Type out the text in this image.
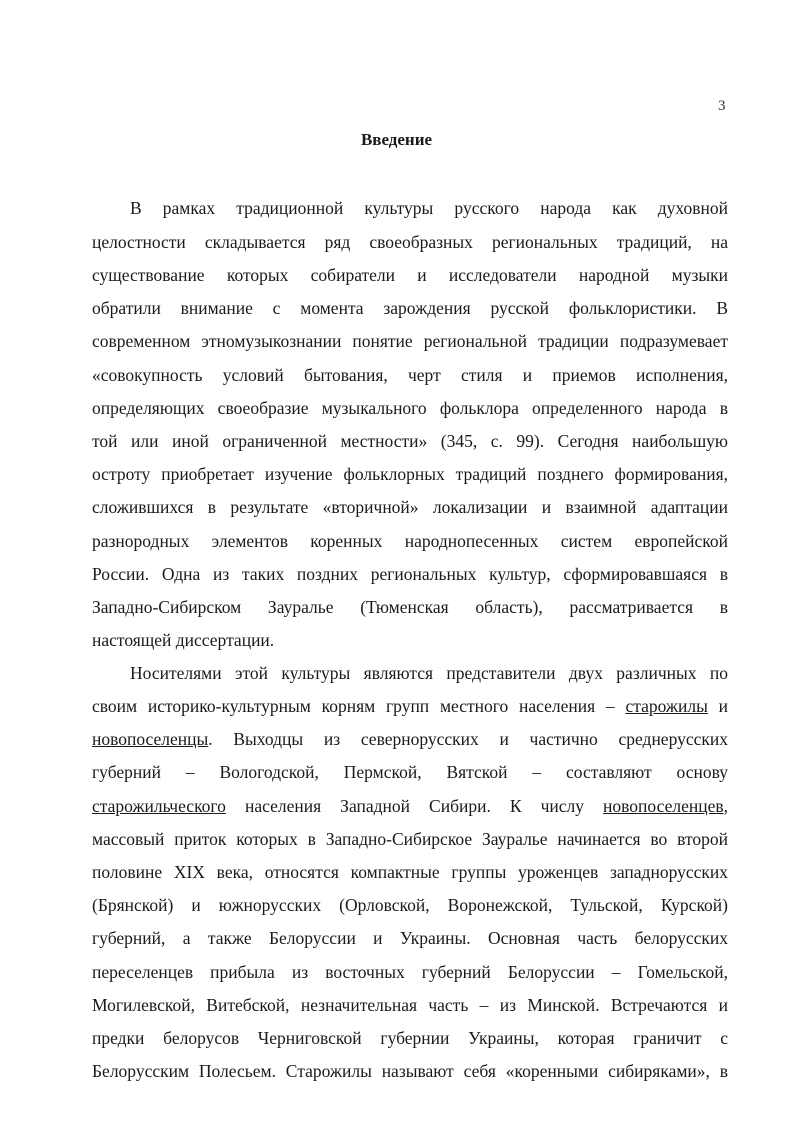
3
Введение
В рамках традиционной культуры русского народа как духовной
целостности складывается ряд своеобразных региональных традиций, на
существование которых собиратели и исследователи народной музыки
обратили внимание с момента зарождения русской фольклористики. В
современном этномузыкознании понятие региональной традиции подразумевает
«совокупность условий бытования, черт стиля и приемов исполнения,
определяющих своеобразие музыкального фольклора определенного народа в
той или иной ограниченной местности» (345, с. 99). Сегодня наибольшую
остроту приобретает изучение фольклорных традиций позднего формирования,
сложившихся в результате «вторичной» локализации и взаимной адаптации
разнородных элементов коренных народнопесенных систем европейской
России. Одна из таких поздних региональных культур, сформировавшаяся в
Западно-Сибирском Зауралье (Тюменская область), рассматривается в
настоящей диссертации.
Носителями этой культуры являются представители двух различных по
своим историко-культурным корням групп местного населения – старожилы и
новопоселенцы. Выходцы из севернорусских и частично среднерусских
губерний – Вологодской, Пермской, Вятской – составляют основу
старожильческого населения Западной Сибири. К числу новопоселенцев,
массовый приток которых в Западно-Сибирское Зауралье начинается во второй
половине XIX века, относятся компактные группы уроженцев западнорусских
(Брянской) и южнорусских (Орловской, Воронежской, Тульской, Курской)
губерний, а также Белоруссии и Украины. Основная часть белорусских
переселенцев прибыла из восточных губерний Белоруссии – Гомельской,
Могилевской, Витебской, незначительная часть – из Минской. Встречаются и
предки белорусов Черниговской губернии Украины, которая граничит с
Белорусским Полесьем. Старожилы называют себя «коренными сибиряками», в
